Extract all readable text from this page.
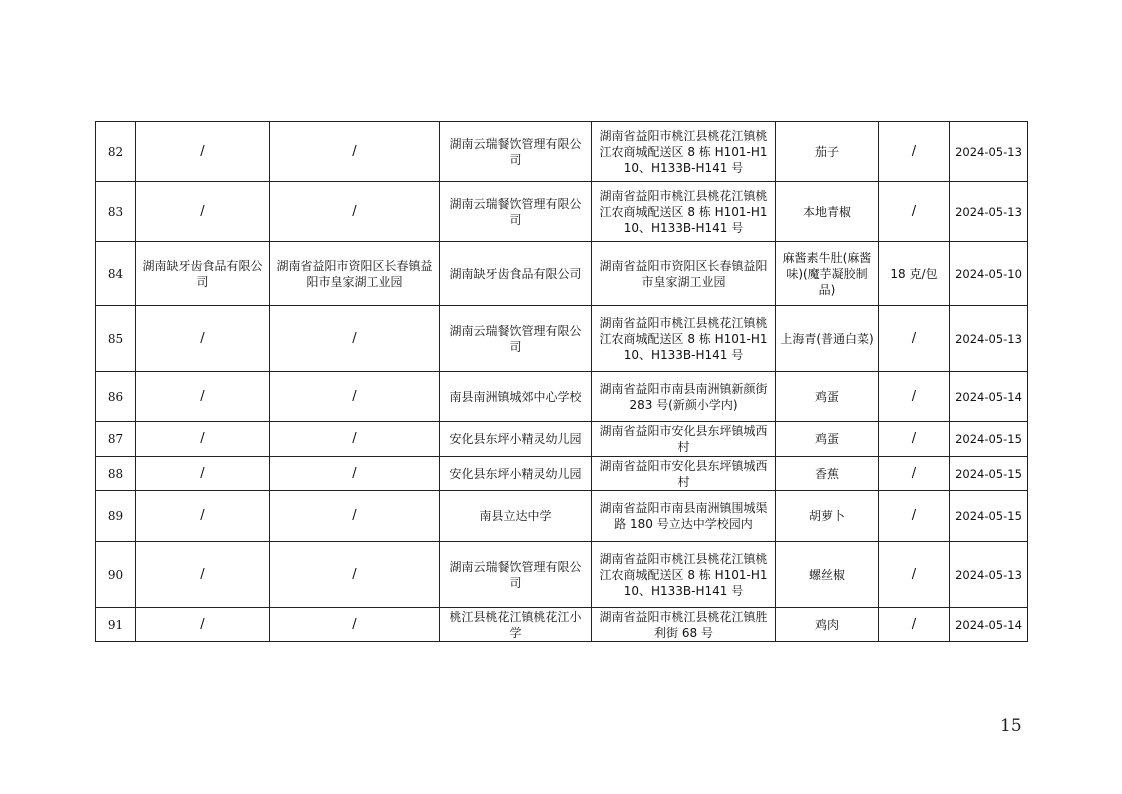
82	/	/	湖南云瑞餐饮管理有限公司	湖南省益阳市桃江县桃花江镇桃江农商城配送区 8 栋 H101-H110、H133B-H141 号	茄子	/	2024-05-13
83	/	/	湖南云瑞餐饮管理有限公司	湖南省益阳市桃江县桃花江镇桃江农商城配送区 8 栋 H101-H110、H133B-H141 号	本地青椒	/	2024-05-13
84	湖南缺牙齿食品有限公司	湖南省益阳市资阳区长春镇益阳市皇家湖工业园	湖南缺牙齿食品有限公司	湖南省益阳市资阳区长春镇益阳市皇家湖工业园	麻酱素牛肚(麻酱味)(魔芋凝胶制品)	18 克/包	2024-05-10
85	/	/	湖南云瑞餐饮管理有限公司	湖南省益阳市桃江县桃花江镇桃江农商城配送区 8 栋 H101-H110、H133B-H141 号	上海青(普通白菜)	/	2024-05-13
86	/	/	南县南洲镇城郊中心学校	湖南省益阳市南县南洲镇新颜街 283 号(新颜小学内)	鸡蛋	/	2024-05-14
87	/	/	安化县东坪小精灵幼儿园	湖南省益阳市安化县东坪镇城西村	鸡蛋	/	2024-05-15
88	/	/	安化县东坪小精灵幼儿园	湖南省益阳市安化县东坪镇城西村	香蕉	/	2024-05-15
89	/	/	南县立达中学	湖南省益阳市南县南洲镇围城渠路 180 号立达中学校园内	胡萝卜	/	2024-05-15
90	/	/	湖南云瑞餐饮管理有限公司	湖南省益阳市桃江县桃花江镇桃江农商城配送区 8 栋 H101-H110、H133B-H141 号	螺丝椒	/	2024-05-13
91	/	/	桃江县桃花江镇桃花江小学	湖南省益阳市桃江县桃花江镇胜利街 68 号	鸡肉	/	2024-05-14
15
